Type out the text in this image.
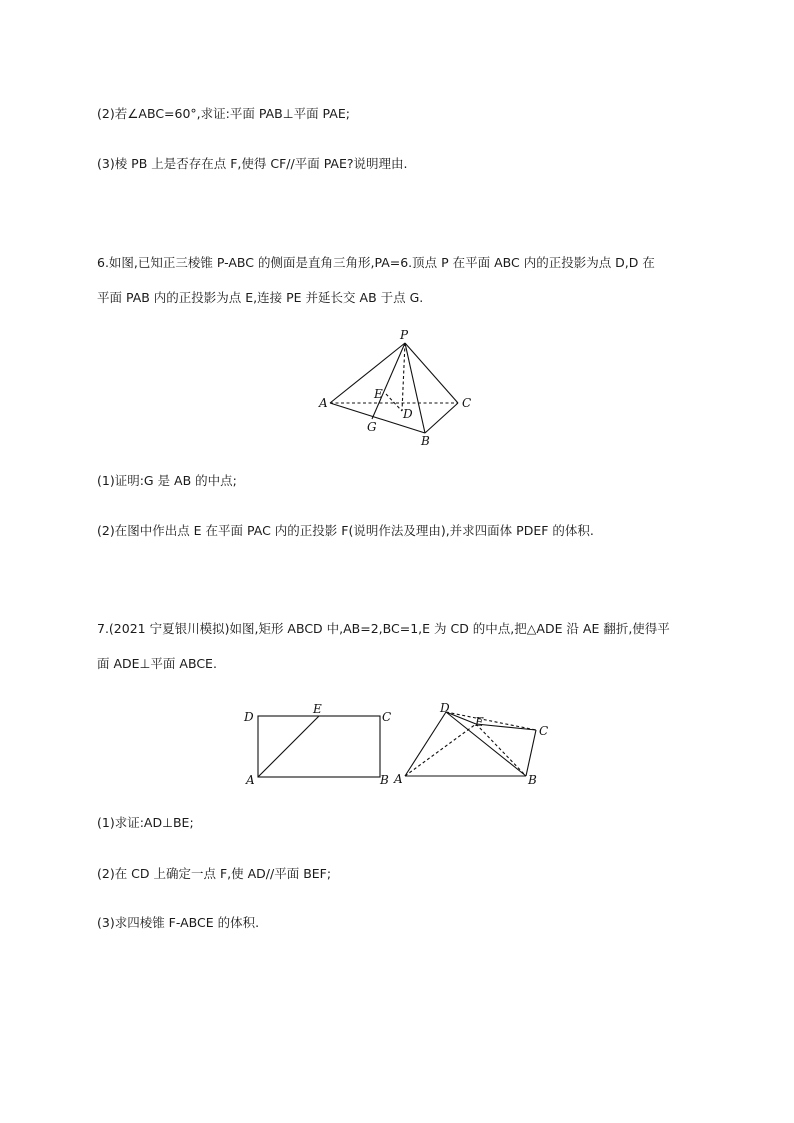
(2)若∠ABC=60°,求证:平面 PAB⊥平面 PAE;
(3)棱 PB 上是否存在点 F,使得 CF//平面 PAE?说明理由.
6.如图,已知正三棱锥 P-ABC 的侧面是直角三角形,PA=6.顶点 P 在平面 ABC 内的正投影为点 D,D 在
平面 PAB 内的正投影为点 E,连接 PE 并延长交 AB 于点 G.
P
A
B
C
D
E
G
(1)证明:G 是 AB 的中点;
(2)在图中作出点 E 在平面 PAC 内的正投影 F(说明作法及理由),并求四面体 PDEF 的体积.
7.(2021 宁夏银川模拟)如图,矩形 ABCD 中,AB=2,BC=1,E 为 CD 的中点,把△ADE 沿 AE 翻折,使得平
面 ADE⊥平面 ABCE.
D
E
C
A	B
D
E
C
A	B
(1)求证:AD⊥BE;
(2)在 CD 上确定一点 F,使 AD//平面 BEF;
(3)求四棱锥 F-ABCE 的体积.
